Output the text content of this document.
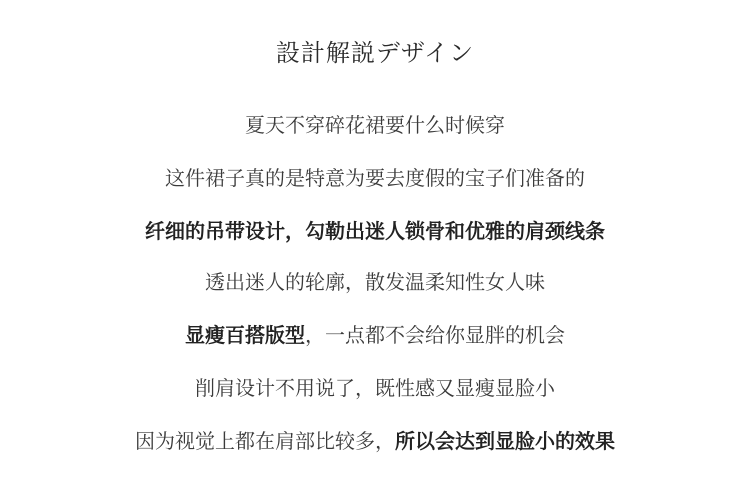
設計解説デザイン
夏天不穿碎花裙要什么时候穿
这件裙子真的是特意为要去度假的宝子们准备的
纤细的吊带设计，勾勒出迷人锁骨和优雅的肩颈线条
透出迷人的轮廓，散发温柔知性女人味
显瘦百搭版型，一点都不会给你显胖的机会
削肩设计不用说了，既性感又显瘦显脸小
因为视觉上都在肩部比较多，所以会达到显脸小的效果
